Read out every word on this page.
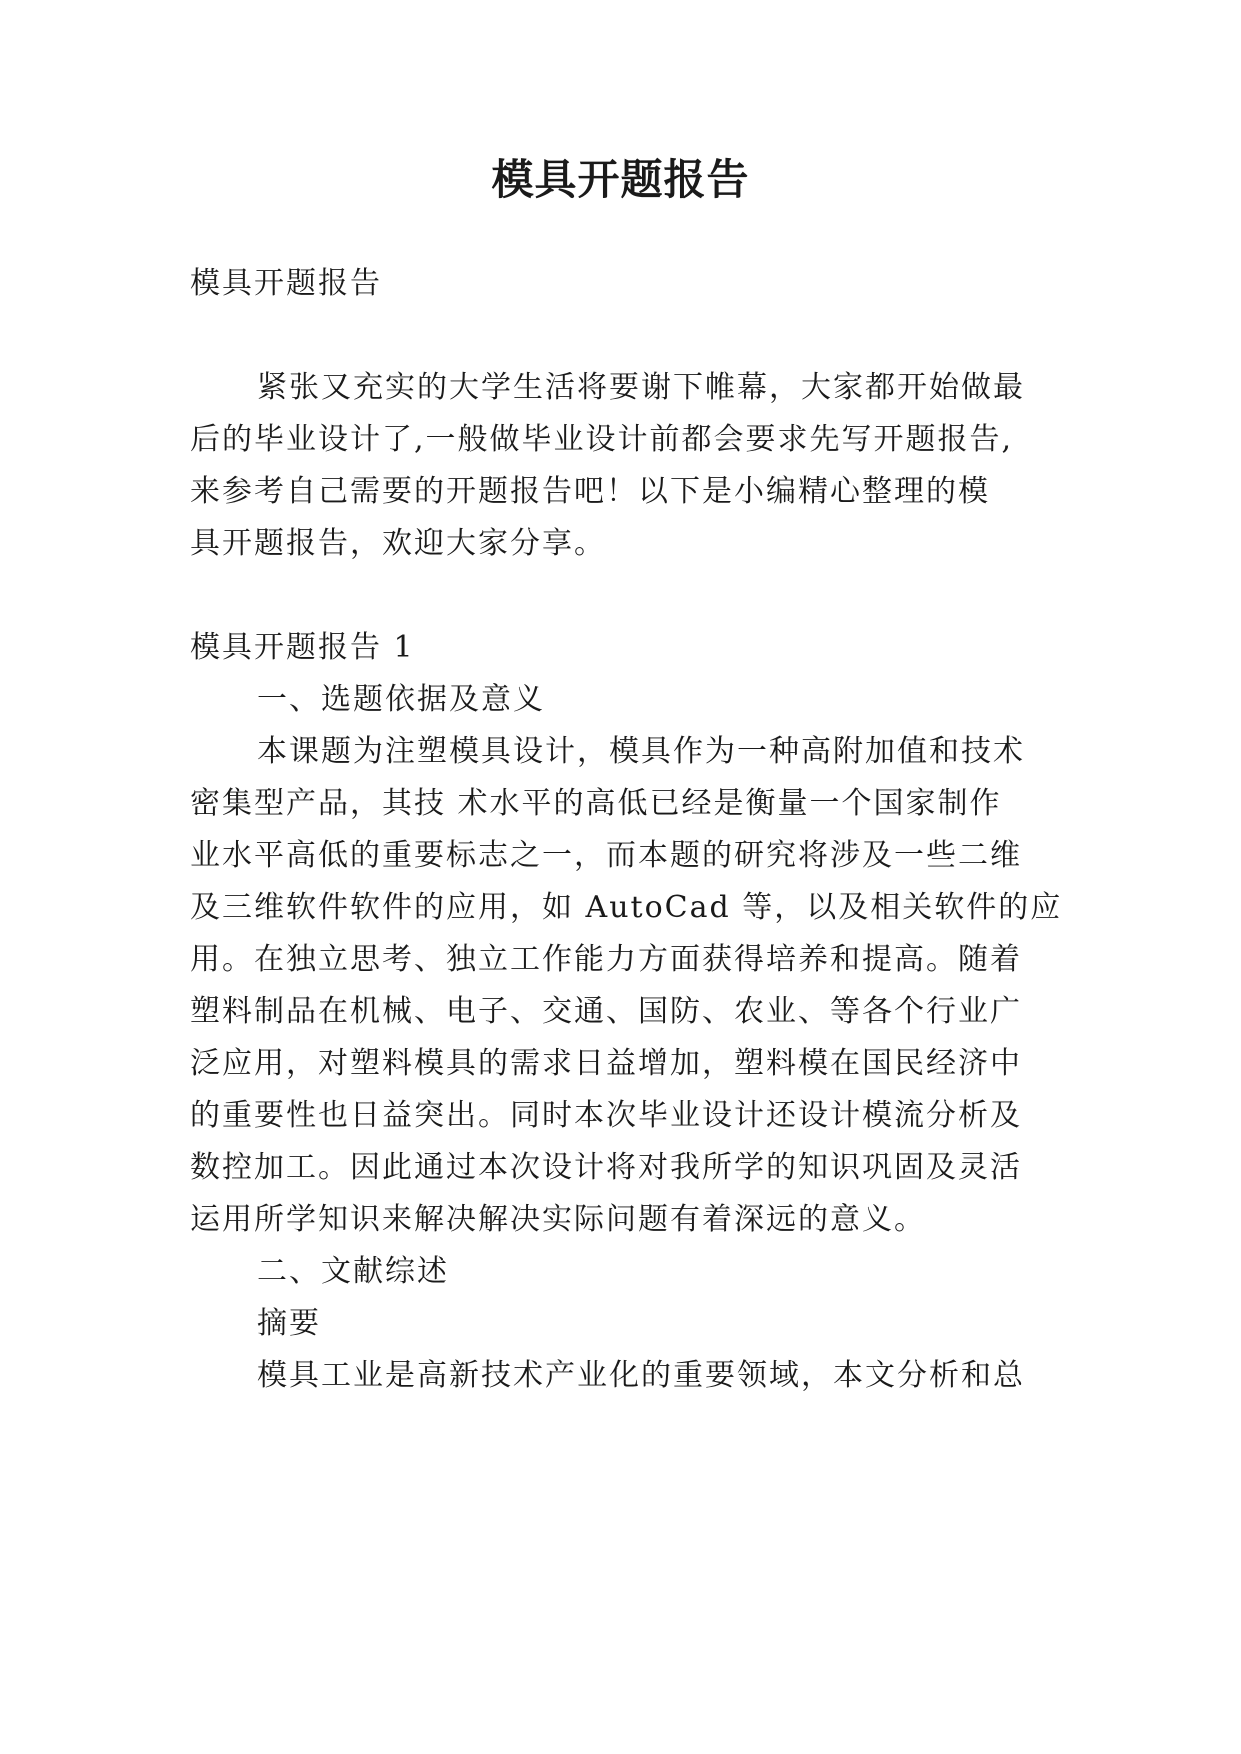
模具开题报告
模具开题报告
紧张又充实的大学生活将要谢下帷幕，大家都开始做最
后的毕业设计了,一般做毕业设计前都会要求先写开题报告,
来参考自己需要的开题报告吧！以下是小编精心整理的模
具开题报告，欢迎大家分享。
模具开题报告 1
一、选题依据及意义
本课题为注塑模具设计，模具作为一种高附加值和技术
密集型产品，其技 术水平的高低已经是衡量一个国家制作
业水平高低的重要标志之一，而本题的研究将涉及一些二维
及三维软件软件的应用，如 AutoCad 等，以及相关软件的应
用。在独立思考、独立工作能力方面获得培养和提高。随着
塑料制品在机械、电子、交通、国防、农业、等各个行业广
泛应用，对塑料模具的需求日益增加，塑料模在国民经济中
的重要性也日益突出。同时本次毕业设计还设计模流分析及
数控加工。因此通过本次设计将对我所学的知识巩固及灵活
运用所学知识来解决解决实际问题有着深远的意义。
二、文献综述
摘要
模具工业是高新技术产业化的重要领域，本文分析和总
